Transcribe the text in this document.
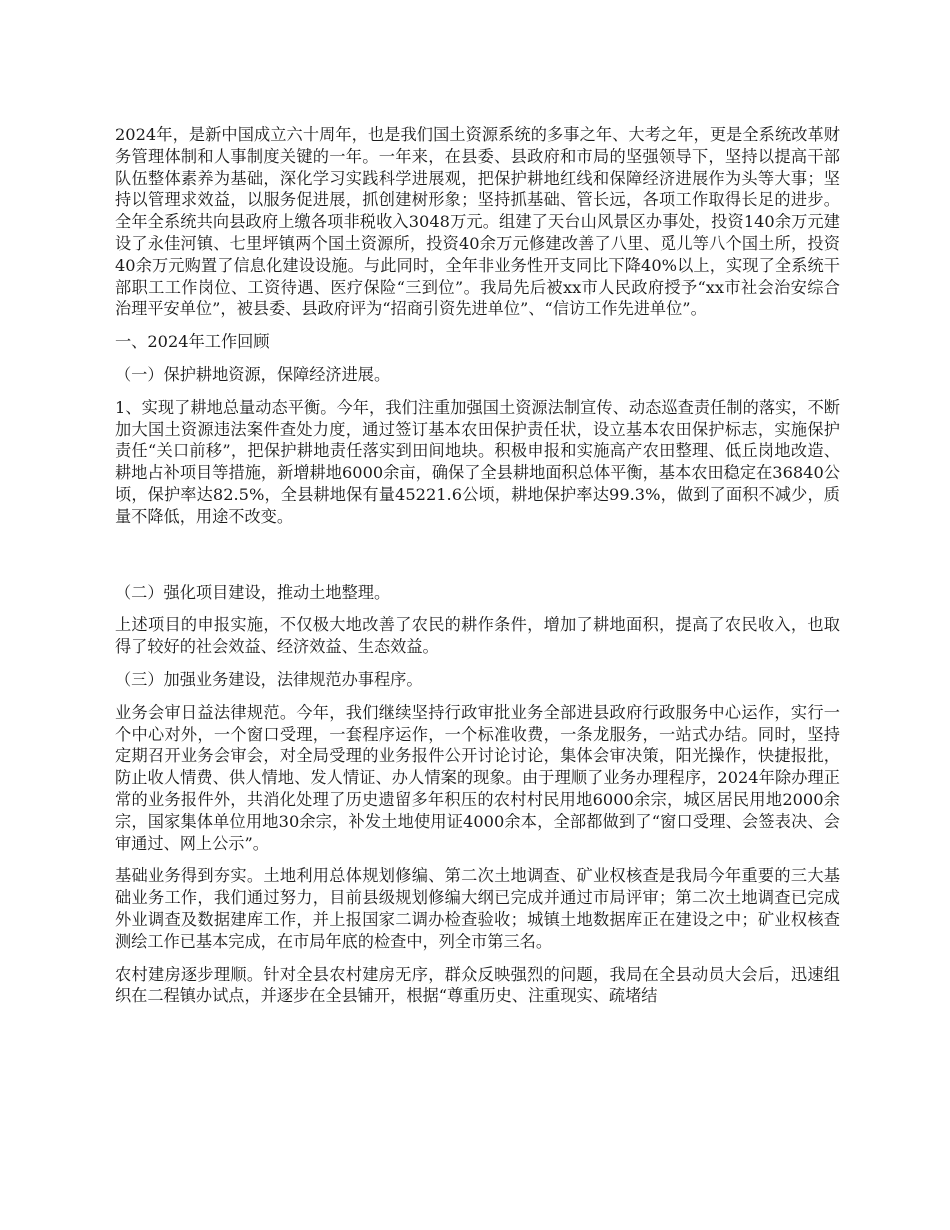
2024年，是新中国成立六十周年，也是我们国土资源系统的多事之年、大考之年，更是全系统改革财务管理体制和人事制度关键的一年。一年来，在县委、县政府和市局的坚强领导下，坚持以提高干部队伍整体素养为基础，深化学习实践科学进展观，把保护耕地红线和保障经济进展作为头等大事；坚持以管理求效益，以服务促进展，抓创建树形象；坚持抓基础、管长远，各项工作取得长足的进步。全年全系统共向县政府上缴各项非税收入3048万元。组建了天台山风景区办事处，投资140余万元建设了永佳河镇、七里坪镇两个国土资源所，投资40余万元修建改善了八里、觅儿等八个国土所，投资40余万元购置了信息化建设设施。与此同时，全年非业务性开支同比下降40%以上，实现了全系统干部职工工作岗位、工资待遇、医疗保险“三到位”。我局先后被xx市人民政府授予“xx市社会治安综合治理平安单位”，被县委、县政府评为“招商引资先进单位”、“信访工作先进单位”。

一、2024年工作回顾

（一）保护耕地资源，保障经济进展。

1、实现了耕地总量动态平衡。今年，我们注重加强国土资源法制宣传、动态巡查责任制的落实，不断加大国土资源违法案件查处力度，通过签订基本农田保护责任状，设立基本农田保护标志，实施保护责任“关口前移”，把保护耕地责任落实到田间地块。积极申报和实施高产农田整理、低丘岗地改造、耕地占补项目等措施，新增耕地6000余亩，确保了全县耕地面积总体平衡，基本农田稳定在36840公顷，保护率达82.5%，全县耕地保有量45221.6公顷，耕地保护率达99.3%，做到了面积不减少，质量不降低，用途不改变。

（二）强化项目建设，推动土地整理。

上述项目的申报实施，不仅极大地改善了农民的耕作条件，增加了耕地面积，提高了农民收入，也取得了较好的社会效益、经济效益、生态效益。

（三）加强业务建设，法律规范办事程序。

业务会审日益法律规范。今年，我们继续坚持行政审批业务全部进县政府行政服务中心运作，实行一个中心对外，一个窗口受理，一套程序运作，一个标准收费，一条龙服务，一站式办结。同时，坚持定期召开业务会审会，对全局受理的业务报件公开讨论讨论，集体会审决策，阳光操作，快捷报批，防止收人情费、供人情地、发人情证、办人情案的现象。由于理顺了业务办理程序，2024年除办理正常的业务报件外，共消化处理了历史遗留多年积压的农村村民用地6000余宗，城区居民用地2000余宗，国家集体单位用地30余宗，补发土地使用证4000余本，全部都做到了“窗口受理、会签表决、会审通过、网上公示”。

基础业务得到夯实。土地利用总体规划修编、第二次土地调查、矿业权核查是我局今年重要的三大基础业务工作，我们通过努力，目前县级规划修编大纲已完成并通过市局评审；第二次土地调查已完成外业调查及数据建库工作，并上报国家二调办检查验收；城镇土地数据库正在建设之中；矿业权核查测绘工作已基本完成，在市局年底的检查中，列全市第三名。

农村建房逐步理顺。针对全县农村建房无序，群众反映强烈的问题，我局在全县动员大会后，迅速组织在二程镇办试点，并逐步在全县铺开，根据“尊重历史、注重现实、疏堵结
